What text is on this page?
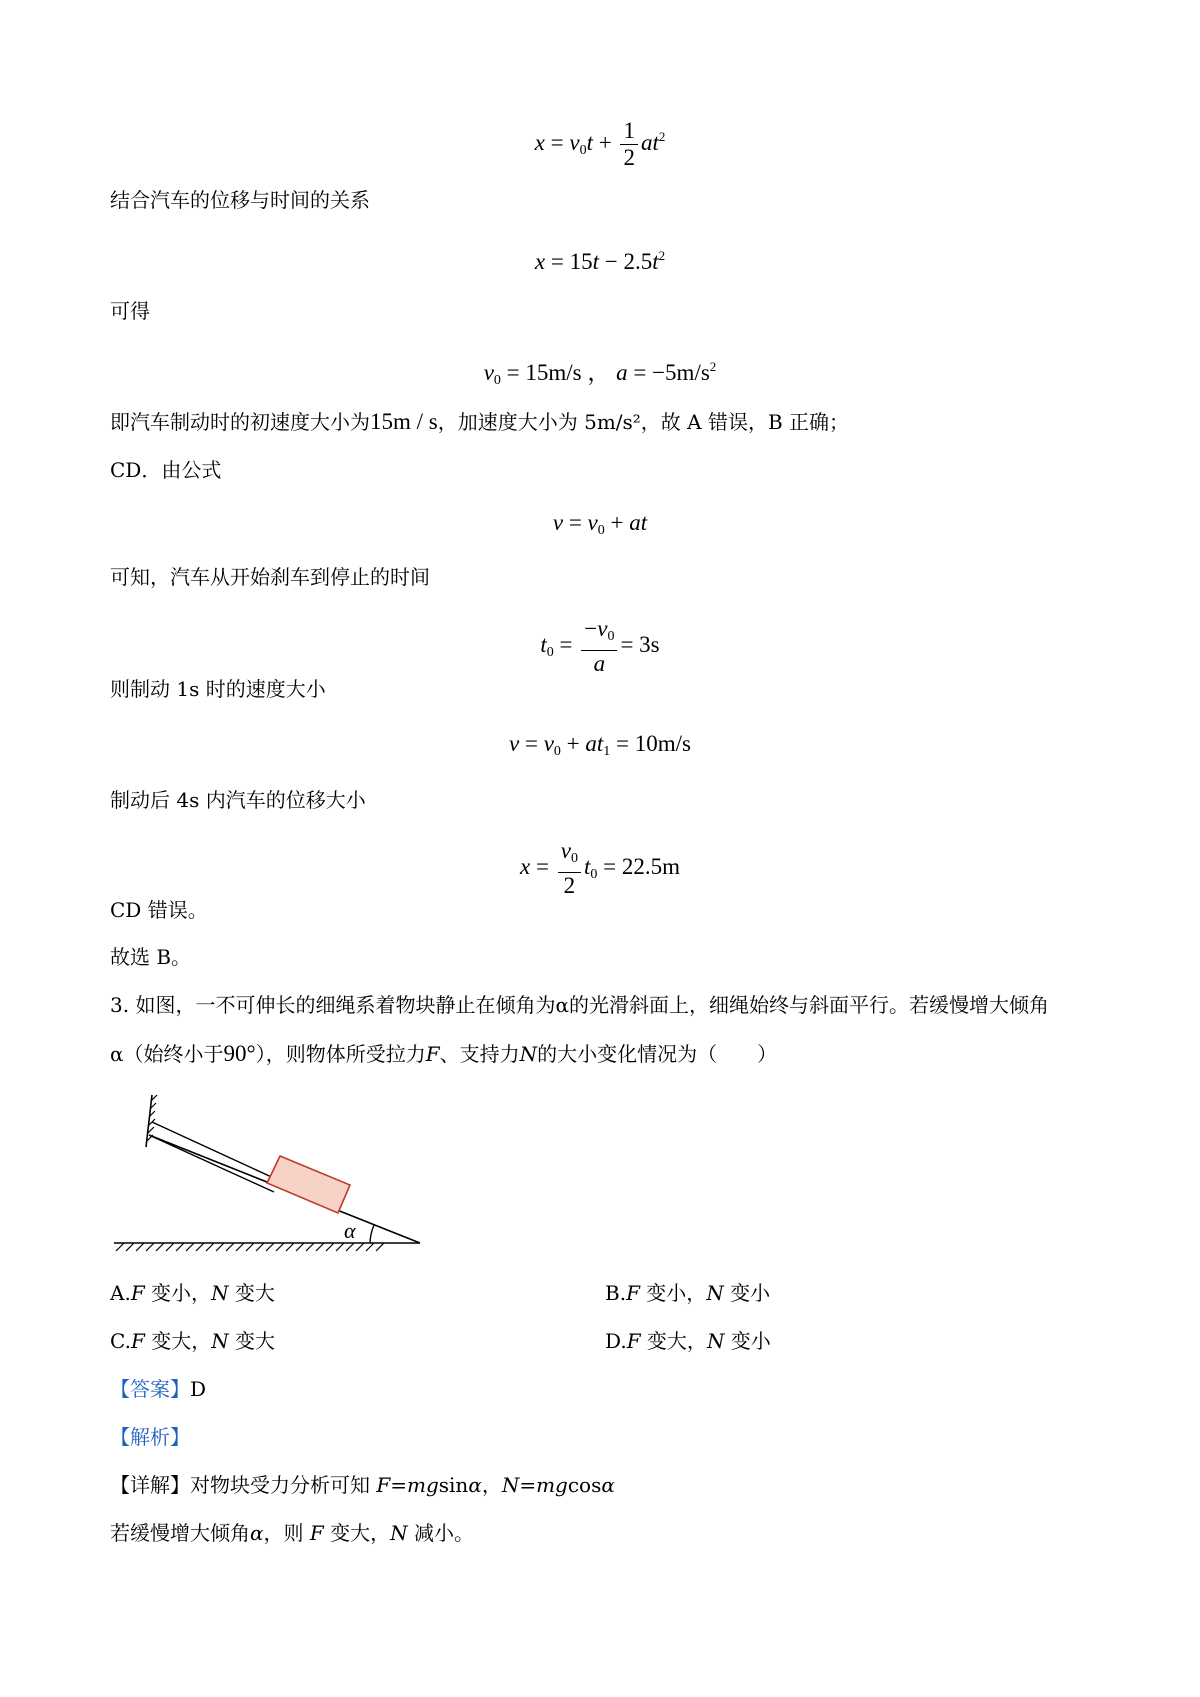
$x = v_0t + \frac{1}{2} at^2$
结合汽车的位移与时间的关系
$x = 15t - 2.5t^2$
可得
$v_0 = 15m/s$ ， $a = -5m/s^2$
即汽车制动时的初速度大小为15m / s，加速度大小为 5m/s²，故 A 错误，B 正确；
CD．由公式
$v = v_0$ + at
可知，汽车从开始刹车到停止的时间
$t_0 = \frac{-v_0}{a} = 3s$
则制动 1s 时的速度大小
$v = v_0 + at_1 = 10m/s$
制动后 4s 内汽车的位移大小
$x = \frac{v_0}{2} t_0 = 22.5m$
CD 错误。
故选 B。
3. 如图，一不可伸长的细绳系着物块静止在倾角为α的光滑斜面上，细绳始终与斜面平行。若缓慢增大倾角
α（始终小于90°），则物体所受拉力F、支持力N的大小变化情况为（　　）
α
A.F 变小，N 变大	B.F 变小，N 变小
C.F 变大，N 变大	D.F 变大，N 变小
【答案】D
【解析】
【详解】对物块受力分析可知 F=mgsinα，N=mgcosα
若缓慢增大倾角α，则 F 变大，N 减小。
